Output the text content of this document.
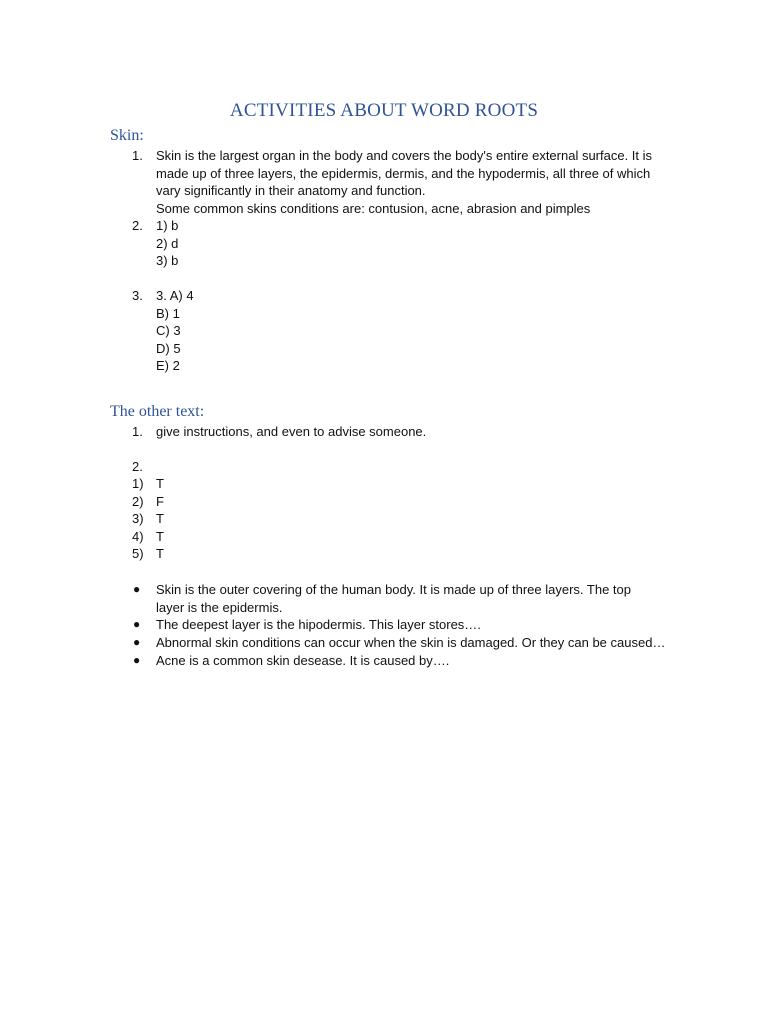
ACTIVITIES ABOUT WORD ROOTS
Skin:
1. Skin is the largest organ in the body and covers the body's entire external surface. It is
made up of three layers, the epidermis, dermis, and the hypodermis, all three of which
vary significantly in their anatomy and function.
Some common skins conditions are: contusion, acne, abrasion and pimples
2. 1) b
2) d
3) b
3. 3. A) 4
B) 1
C) 3
D) 5
E) 2
The other text:
1. give instructions, and even to advise someone.
2.
1) T
2) F
3) T
4) T
5) T
● Skin is the outer covering of the human body. It is made up of three layers. The top
layer is the epidermis.
● The deepest layer is the hipodermis. This layer stores….
● Abnormal skin conditions can occur when the skin is damaged. Or they can be caused…
● Acne is a common skin desease. It is caused by….
